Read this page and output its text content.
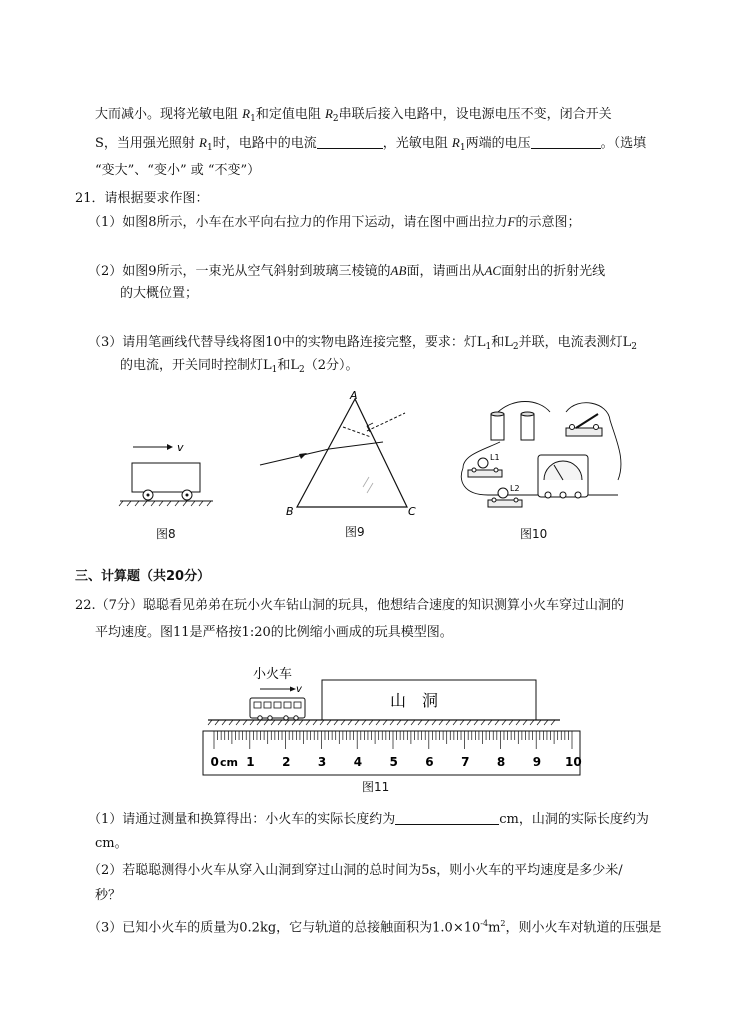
大而减小。现将光敏电阻 $R_1$和定值电阻 $R_2$串联后接入电路中，设电源电压不变，闭合开关
S，当用强光照射 $R_1$时，电路中的电流	，光敏电阻 $R_1$两端的电压	。（选填
“变大”、“变小” 或 “不变”）
21．请根据要求作图：
（1）如图8所示，小车在水平向右拉力的作用下运动，请在图中画出拉力F的示意图；
（2）如图9所示，一束光从空气斜射到玻璃三棱镜的AB面，请画出从AC面射出的折射光线
的大概位置；
（3）请用笔画线代替导线将图10中的实物电路连接完整，要求：灯$L_1$和$L_2$并联，电流表测灯$L_2$
的电流，开关同时控制灯$L_1$和$L_2(2$分）。
v
图8
A
B	C
图9
L1
L2
图10
三、计算题（共20分）
22.（7分）聪聪看见弟弟在玩小火车钻山洞的玩具，他想结合速度的知识测算小火车穿过山洞的
平均速度。图11是严格按1:20的比例缩小画成的玩具模型图。
小火车
v
山　洞
0 1 2 3 4 5 6 7 8 9 10
cm
图11
（1）请通过测量和换算得出：小火车的实际长度约为	cm，山洞的实际长度约为
cm。
（2）若聪聪测得小火车从穿入山洞到穿过山洞的总时间为5s，则小火车的平均速度是多少米/
秒？
（3）已知小火车的质量为0.2kg，它与轨道的总接触面积为$1.0\times 10^{-4}m^2$，则小火车对轨道的压强是
